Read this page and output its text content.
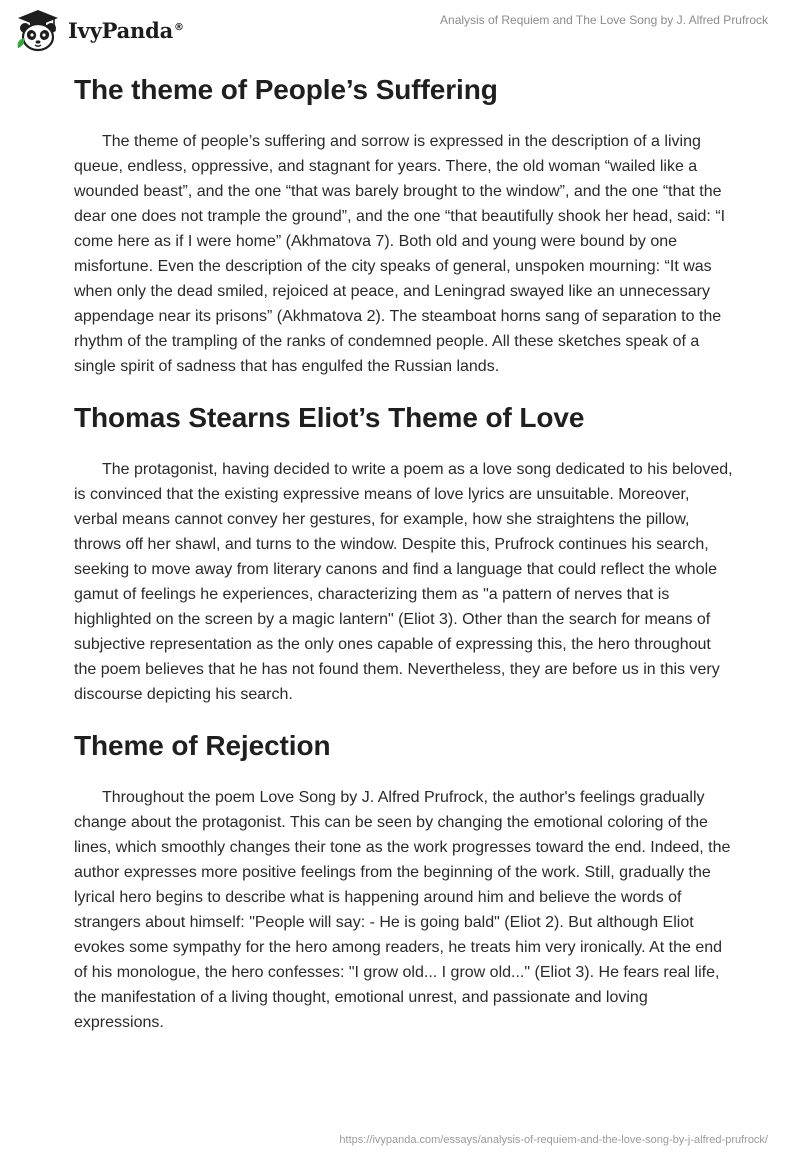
IvyPanda®	Analysis of Requiem and The Love Song by J. Alfred Prufrock
The theme of People’s Suffering

The theme of people’s suffering and sorrow is expressed in the description of a living queue, endless, oppressive, and stagnant for years. There, the old woman “wailed like a wounded beast”, and the one “that was barely brought to the window”, and the one “that the dear one does not trample the ground”, and the one “that beautifully shook her head, said: “I come here as if I were home” (Akhmatova 7). Both old and young were bound by one misfortune. Even the description of the city speaks of general, unspoken mourning: “It was when only the dead smiled, rejoiced at peace, and Leningrad swayed like an unnecessary appendage near its prisons” (Akhmatova 2). The steamboat horns sang of separation to the rhythm of the trampling of the ranks of condemned people. All these sketches speak of a single spirit of sadness that has engulfed the Russian lands.

Thomas Stearns Eliot’s Theme of Love

The protagonist, having decided to write a poem as a love song dedicated to his beloved, is convinced that the existing expressive means of love lyrics are unsuitable. Moreover, verbal means cannot convey her gestures, for example, how she straightens the pillow, throws off her shawl, and turns to the window. Despite this, Prufrock continues his search, seeking to move away from literary canons and find a language that could reflect the whole gamut of feelings he experiences, characterizing them as "a pattern of nerves that is highlighted on the screen by a magic lantern" (Eliot 3). Other than the search for means of subjective representation as the only ones capable of expressing this, the hero throughout the poem believes that he has not found them. Nevertheless, they are before us in this very discourse depicting his search.

Theme of Rejection

Throughout the poem Love Song by J. Alfred Prufrock, the author's feelings gradually change about the protagonist. This can be seen by changing the emotional coloring of the lines, which smoothly changes their tone as the work progresses toward the end. Indeed, the author expresses more positive feelings from the beginning of the work. Still, gradually the lyrical hero begins to describe what is happening around him and believe the words of strangers about himself: "People will say: - He is going bald" (Eliot 2). But although Eliot evokes some sympathy for the hero among readers, he treats him very ironically. At the end of his monologue, the hero confesses: "I grow old... I grow old..." (Eliot 3). He fears real life, the manifestation of a living thought, emotional unrest, and passionate and loving expressions.

https://ivypanda.com/essays/analysis-of-requiem-and-the-love-song-by-j-alfred-prufrock/
